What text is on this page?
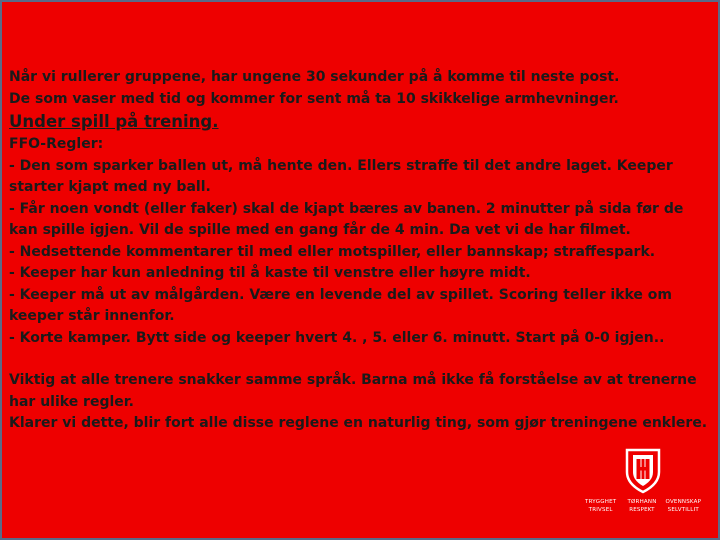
Når vi rullerer gruppene, har ungene 30 sekunder på å komme til neste post.

De som vaser med tid og kommer for sent må ta 10 skikkelige armhevninger.

Under spill på trening.

FFO-Regler:

- Den som sparker ballen ut, må hente den. Ellers straffe til det andre laget. Keeper starter kjapt med ny ball.

- Får noen vondt (eller faker) skal de kjapt bæres av banen. 2 minutter på sida før de kan spille igjen. Vil de spille med en gang får de 4 min. Da vet vi de har filmet.

- Nedsettende kommentarer til med eller motspiller, eller bannskap; straffespark.

- Keeper har kun anledning til å kaste til venstre eller høyre midt.

- Keeper må ut av målgården. Være en levende del av spillet. Scoring teller ikke om keeper står innenfor.

- Korte kamper. Bytt side og keeper hvert 4. , 5. eller 6. minutt. Start på 0-0 igjen..

Viktig at alle trenere snakker samme språk. Barna må ikke få forståelse av at trenerne har ulike regler.

Klarer vi dette, blir fort alle disse reglene en naturlig ting, som gjør treningene enklere.

TRYGGHET	TØRHANN	OVENNSKAP
TRIVSEL	RESPEKT	SELVTILLIT
